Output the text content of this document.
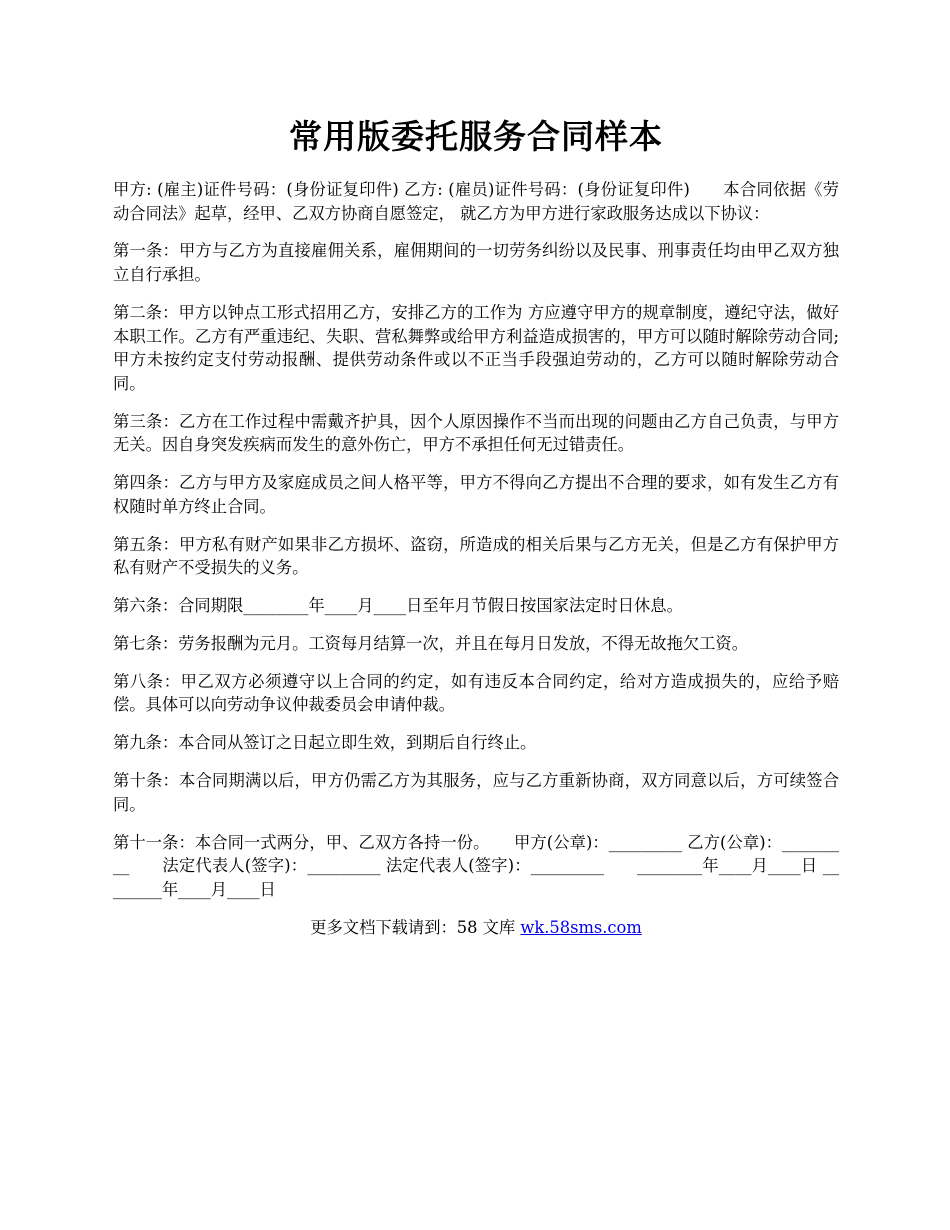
常用版委托服务合同样本

甲方: (雇主)证件号码：(身份证复印件) 乙方: (雇员)证件号码：(身份证复印件)　　本合同依据《劳动合同法》起草，经甲、乙双方协商自愿签定， 就乙方为甲方进行家政服务达成以下协议：

第一条：甲方与乙方为直接雇佣关系，雇佣期间的一切劳务纠纷以及民事、刑事责任均由甲乙双方独立自行承担。

第二条：甲方以钟点工形式招用乙方，安排乙方的工作为 方应遵守甲方的规章制度，遵纪守法，做好本职工作。乙方有严重违纪、失职、营私舞弊或给甲方利益造成损害的，甲方可以随时解除劳动合同;甲方未按约定支付劳动报酬、提供劳动条件或以不正当手段强迫劳动的，乙方可以随时解除劳动合同。

第三条：乙方在工作过程中需戴齐护具，因个人原因操作不当而出现的问题由乙方自己负责，与甲方无关。因自身突发疾病而发生的意外伤亡，甲方不承担任何无过错责任。

第四条：乙方与甲方及家庭成员之间人格平等，甲方不得向乙方提出不合理的要求，如有发生乙方有权随时单方终止合同。

第五条：甲方私有财产如果非乙方损坏、盗窃，所造成的相关后果与乙方无关，但是乙方有保护甲方私有财产不受损失的义务。

第六条：合同期限________年____月____日至年月节假日按国家法定时日休息。

第七条：劳务报酬为元月。工资每月结算一次，并且在每月日发放，不得无故拖欠工资。

第八条：甲乙双方必须遵守以上合同的约定，如有违反本合同约定，给对方造成损失的，应给予赔偿。具体可以向劳动争议仲裁委员会申请仲裁。

第九条：本合同从签订之日起立即生效，到期后自行终止。

第十条：本合同期满以后，甲方仍需乙方为其服务，应与乙方重新协商，双方同意以后，方可续签合同。

第十一条：本合同一式两分，甲、乙双方各持一份。　　甲方(公章)：_________ 乙方(公章)：_________　　法定代表人(签字)：_________ 法定代表人(签字)：_________　　________年____月____日 ________年____月____日

更多文档下载请到：58 文库 wk.58sms.com
